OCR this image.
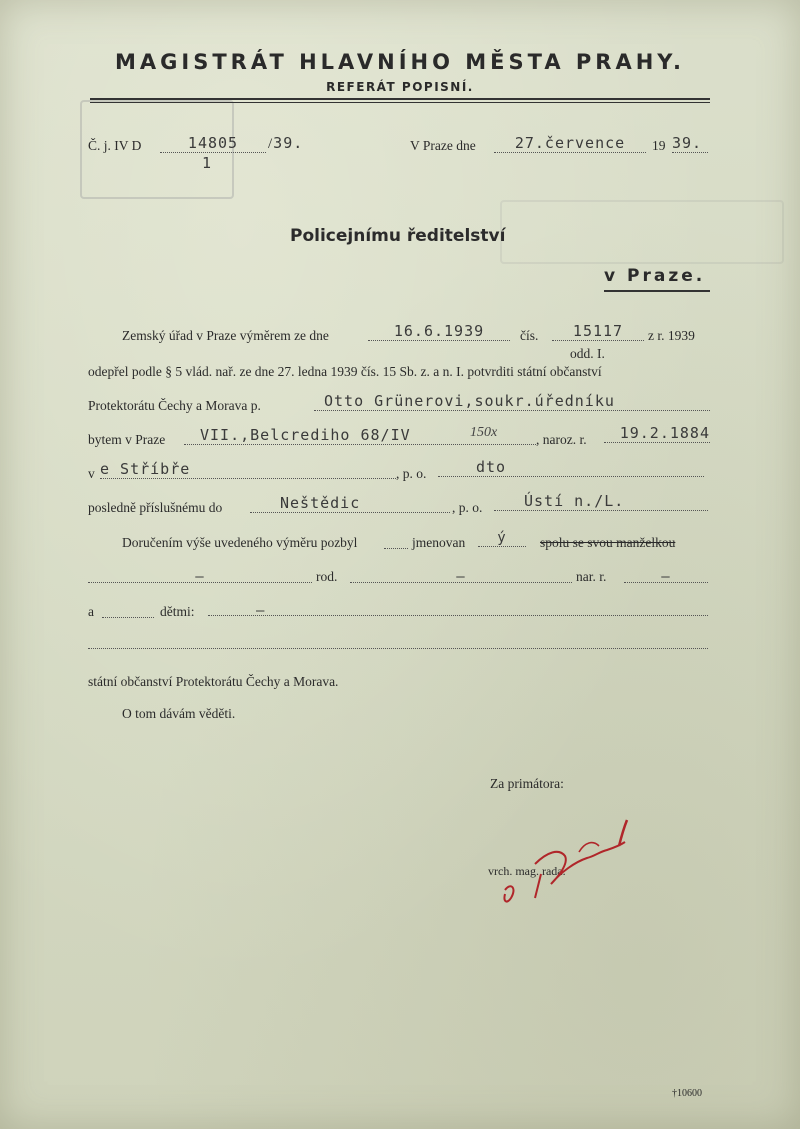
MAGISTRÁT HLAVNÍHO MĚSTA PRAHY.
REFERÁT POPISNÍ.
Č. j. IV D	14805	/39.
1
V Praze dne	27.července	19 39.
Policejnímu ředitelství
v Praze.
Zemský úřad v Praze výměrem ze dne	16.6.1939	čís.	15117	z r. 1939
odd. I.
odepřel podle § 5 vlád. nař. ze dne 27. ledna 1939 čís. 15 Sb. z. a n. I. potvrditi státní občanství
Protektorátu Čechy a Morava p.	Otto Grünerovi,soukr.úředníku
bytem v Praze	VII.,Belcrediho 68/IV	150x	, naroz. r.	19.2.1884
v e Stříbře	, p. o.	dto
posledně příslušnému do	Neštědic	, p. o.	Ústí n./L.
Doručením výše uvedeného výměru pozbyl	jmenovan	ý	spolu se svou manželkou
–	rod.	–	nar. r.	–
a	dětmi:	–
státní občanství Protektorátu Čechy a Morava.
O tom dávám věděti.
Za primátora:
vrch. mag. rada.
†10600
